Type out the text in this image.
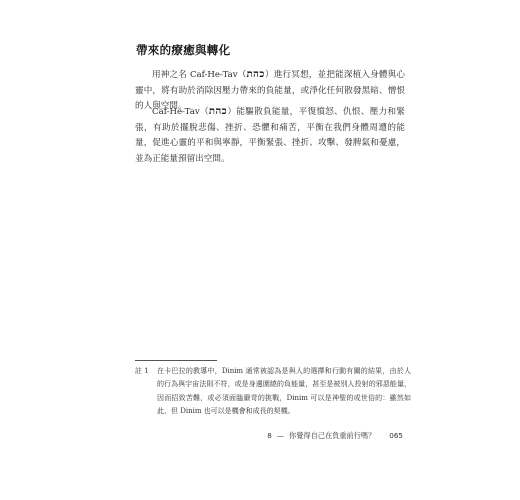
帶來的療癒與轉化
用神之名 Caf-He-Tav（כהת）進行冥想，並把能深植入身體與心靈中，將有助於消除因壓力帶來的負能量，或淨化任何散發黑暗、憎恨的人與空間。
Caf-He-Tav（כהת）能驅散負能量，平復憤怒、仇恨、壓力和緊張，有助於擺脫悲傷、挫折、恐懼和痛苦，平衡在我們身體周遭的能量，促進心靈的平和與寧靜，平衡緊張、挫折、攻擊、發脾氣和憂慮，並為正能量預留出空間。
註 1 在卡巴拉的教導中，Dinim 通常被認為是與人的選擇和行動有關的結果，由於人的行為與宇宙法則不符，或是身邊圍繞的負能量，甚至是被別人投射的邪惡能量，因而招致苦難，或必須面臨嚴苛的挑戰，Dinim 可以是神聖的或世俗的：雖然如此，但 Dinim 也可以是機會和成長的契機。
8 — 你覺得自己在負重前行嗎？ 065
